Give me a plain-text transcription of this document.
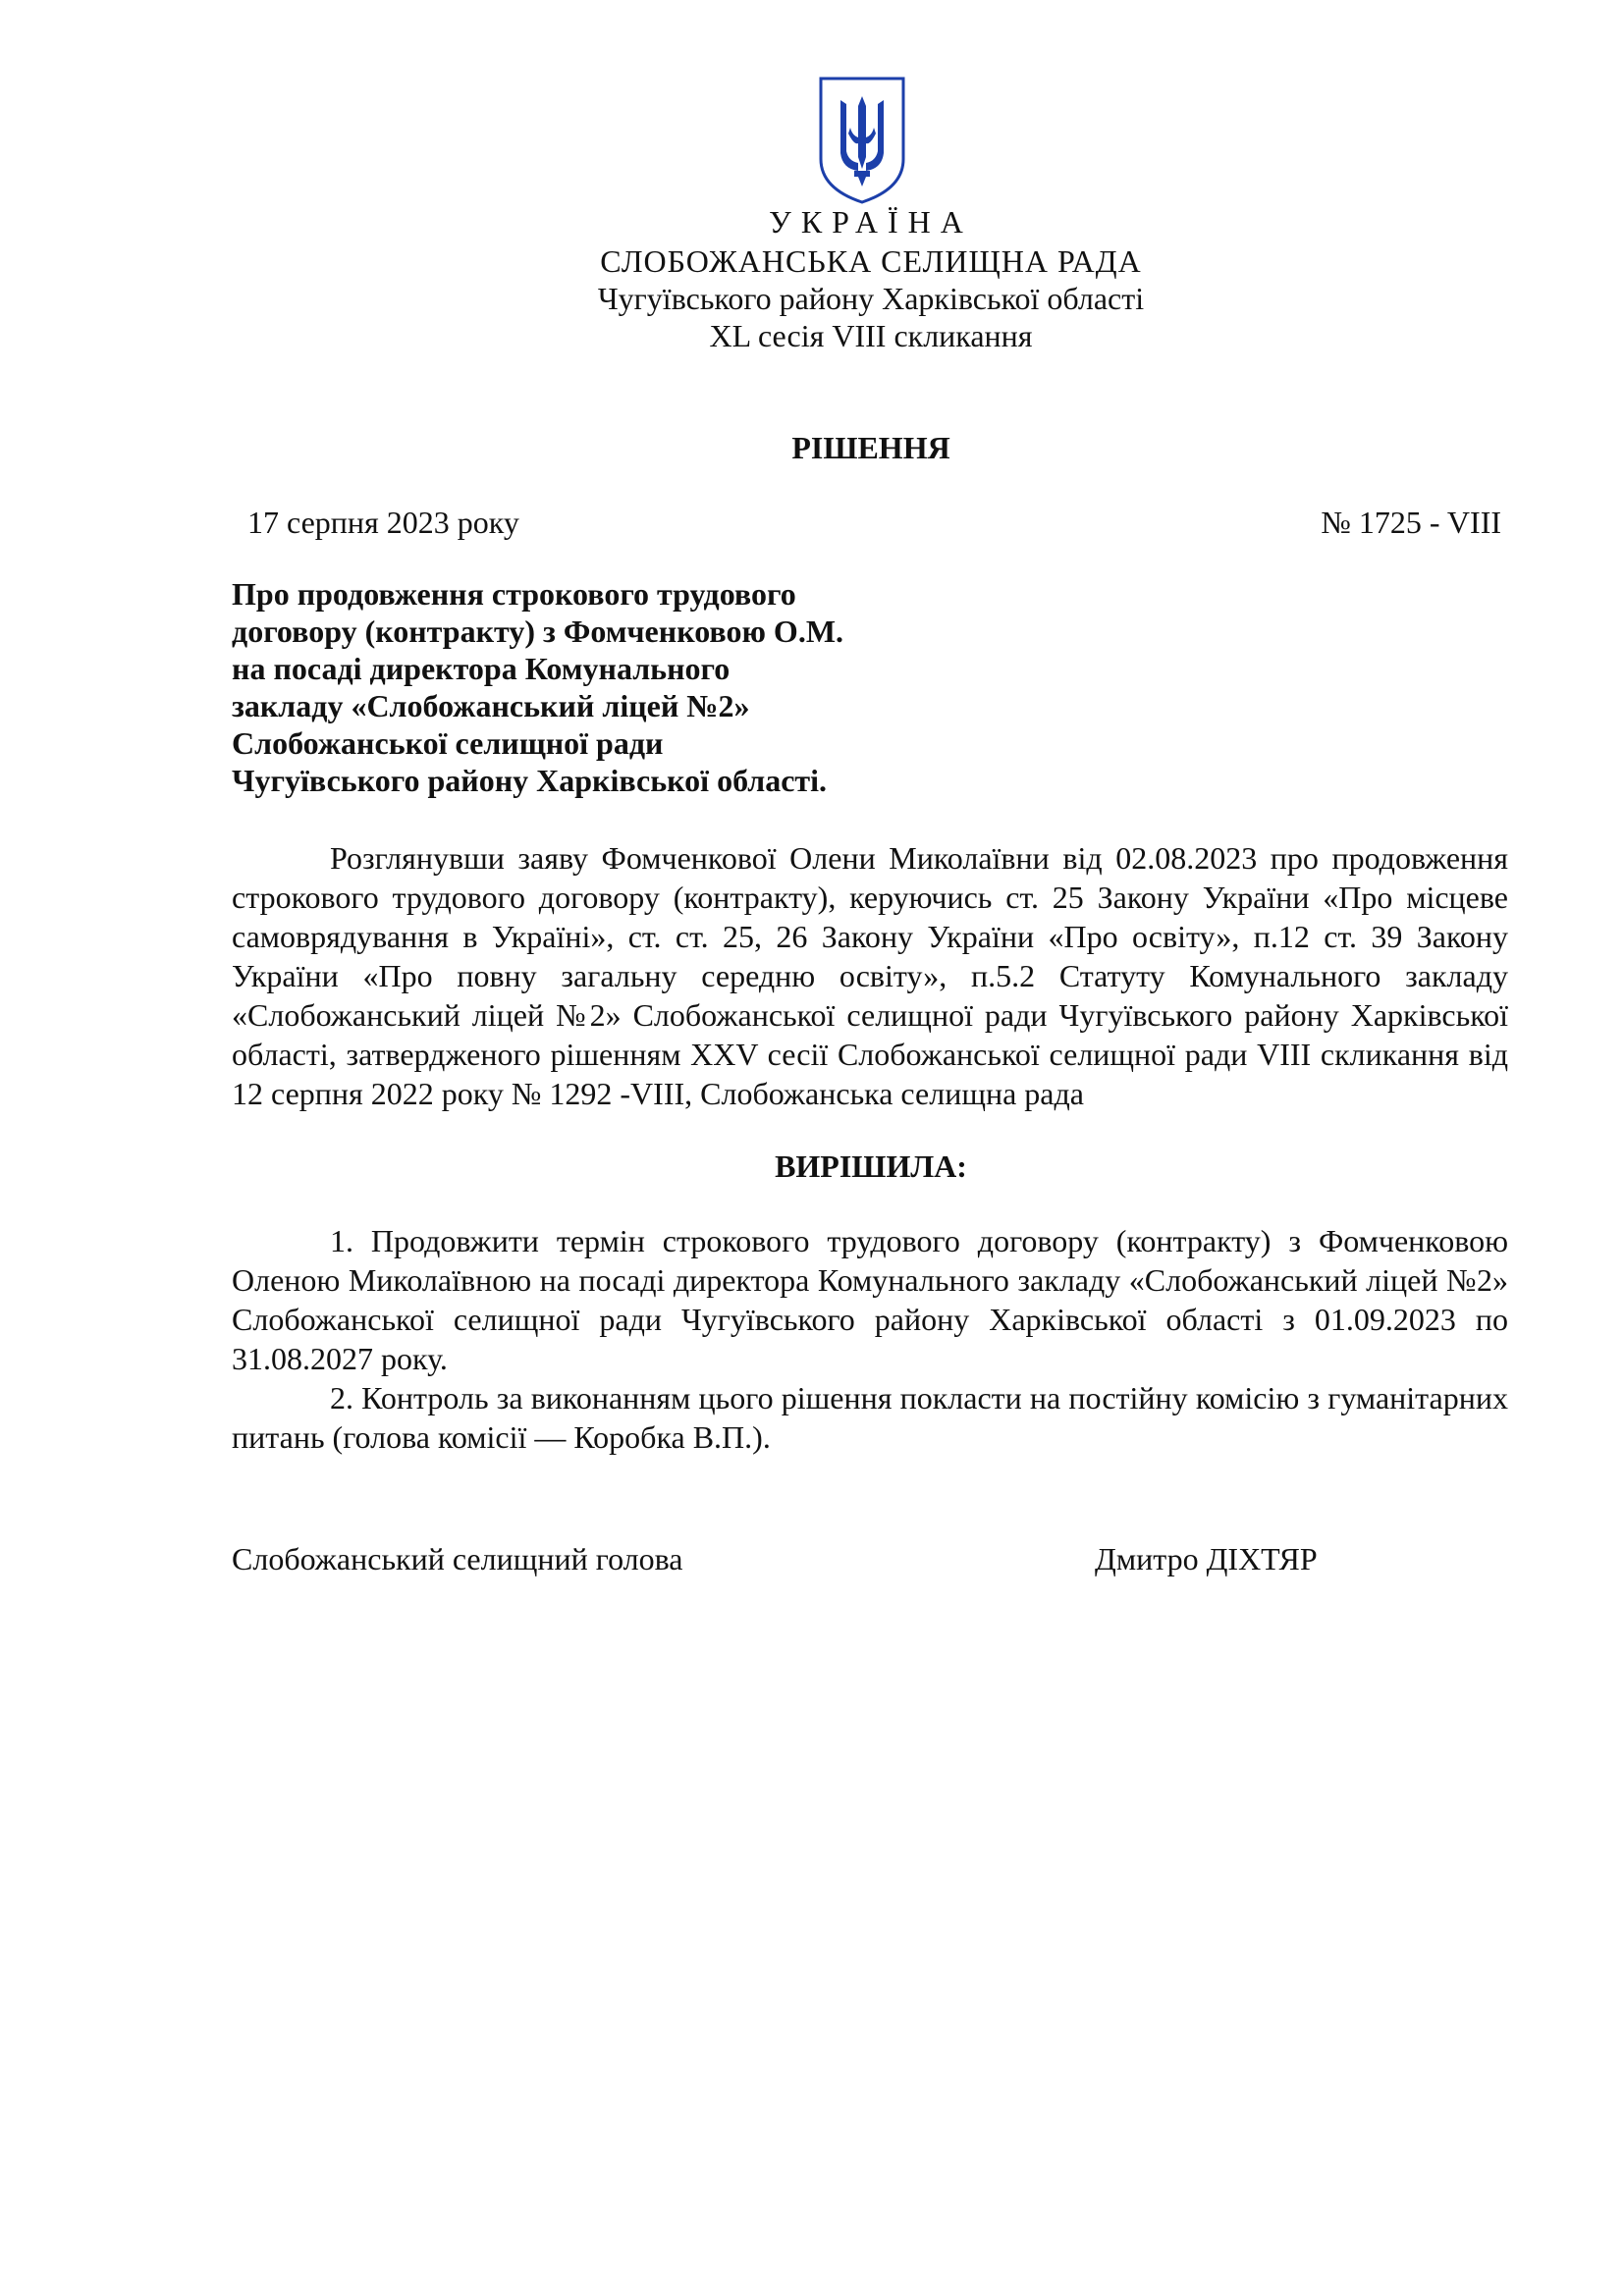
УКРАЇНА
СЛОБОЖАНСЬКА СЕЛИЩНА РАДА
Чугуївського району Харківської області
XL сесія VIII скликання
РІШЕННЯ
17 серпня 2023 року	№ 1725 - VIII
Про продовження строкового трудового
договору (контракту) з Фомченковою О.М.
на посаді директора Комунального
закладу «Слобожанський ліцей №2»
Слобожанської селищної ради
Чугуївського району Харківської області.
Розглянувши заяву Фомченкової Олени Миколаївни від 02.08.2023 про продовження строкового трудового договору (контракту), керуючись ст. 25 Закону України «Про місцеве самоврядування в Україні», ст. ст. 25, 26 Закону України «Про освіту», п.12 ст. 39 Закону України «Про повну загальну середню освіту», п.5.2 Статуту Комунального закладу «Слобожанський ліцей №2» Слобожанської селищної ради Чугуївського району Харківської області, затвердженого рішенням XXV сесії Слобожанської селищної ради VIII скликання від 12 серпня 2022 року № 1292 -VIII, Слобожанська селищна рада
ВИРІШИЛА:
1. Продовжити термін строкового трудового договору (контракту) з Фомченковою Оленою Миколаївною на посаді директора Комунального закладу «Слобожанський ліцей №2» Слобожанської селищної ради Чугуївського району Харківської області з 01.09.2023 по 31.08.2027 року.
2. Контроль за виконанням цього рішення покласти на постійну комісію з гуманітарних питань (голова комісії — Коробка В.П.).
Слобожанський селищний голова	Дмитро ДІХТЯР
